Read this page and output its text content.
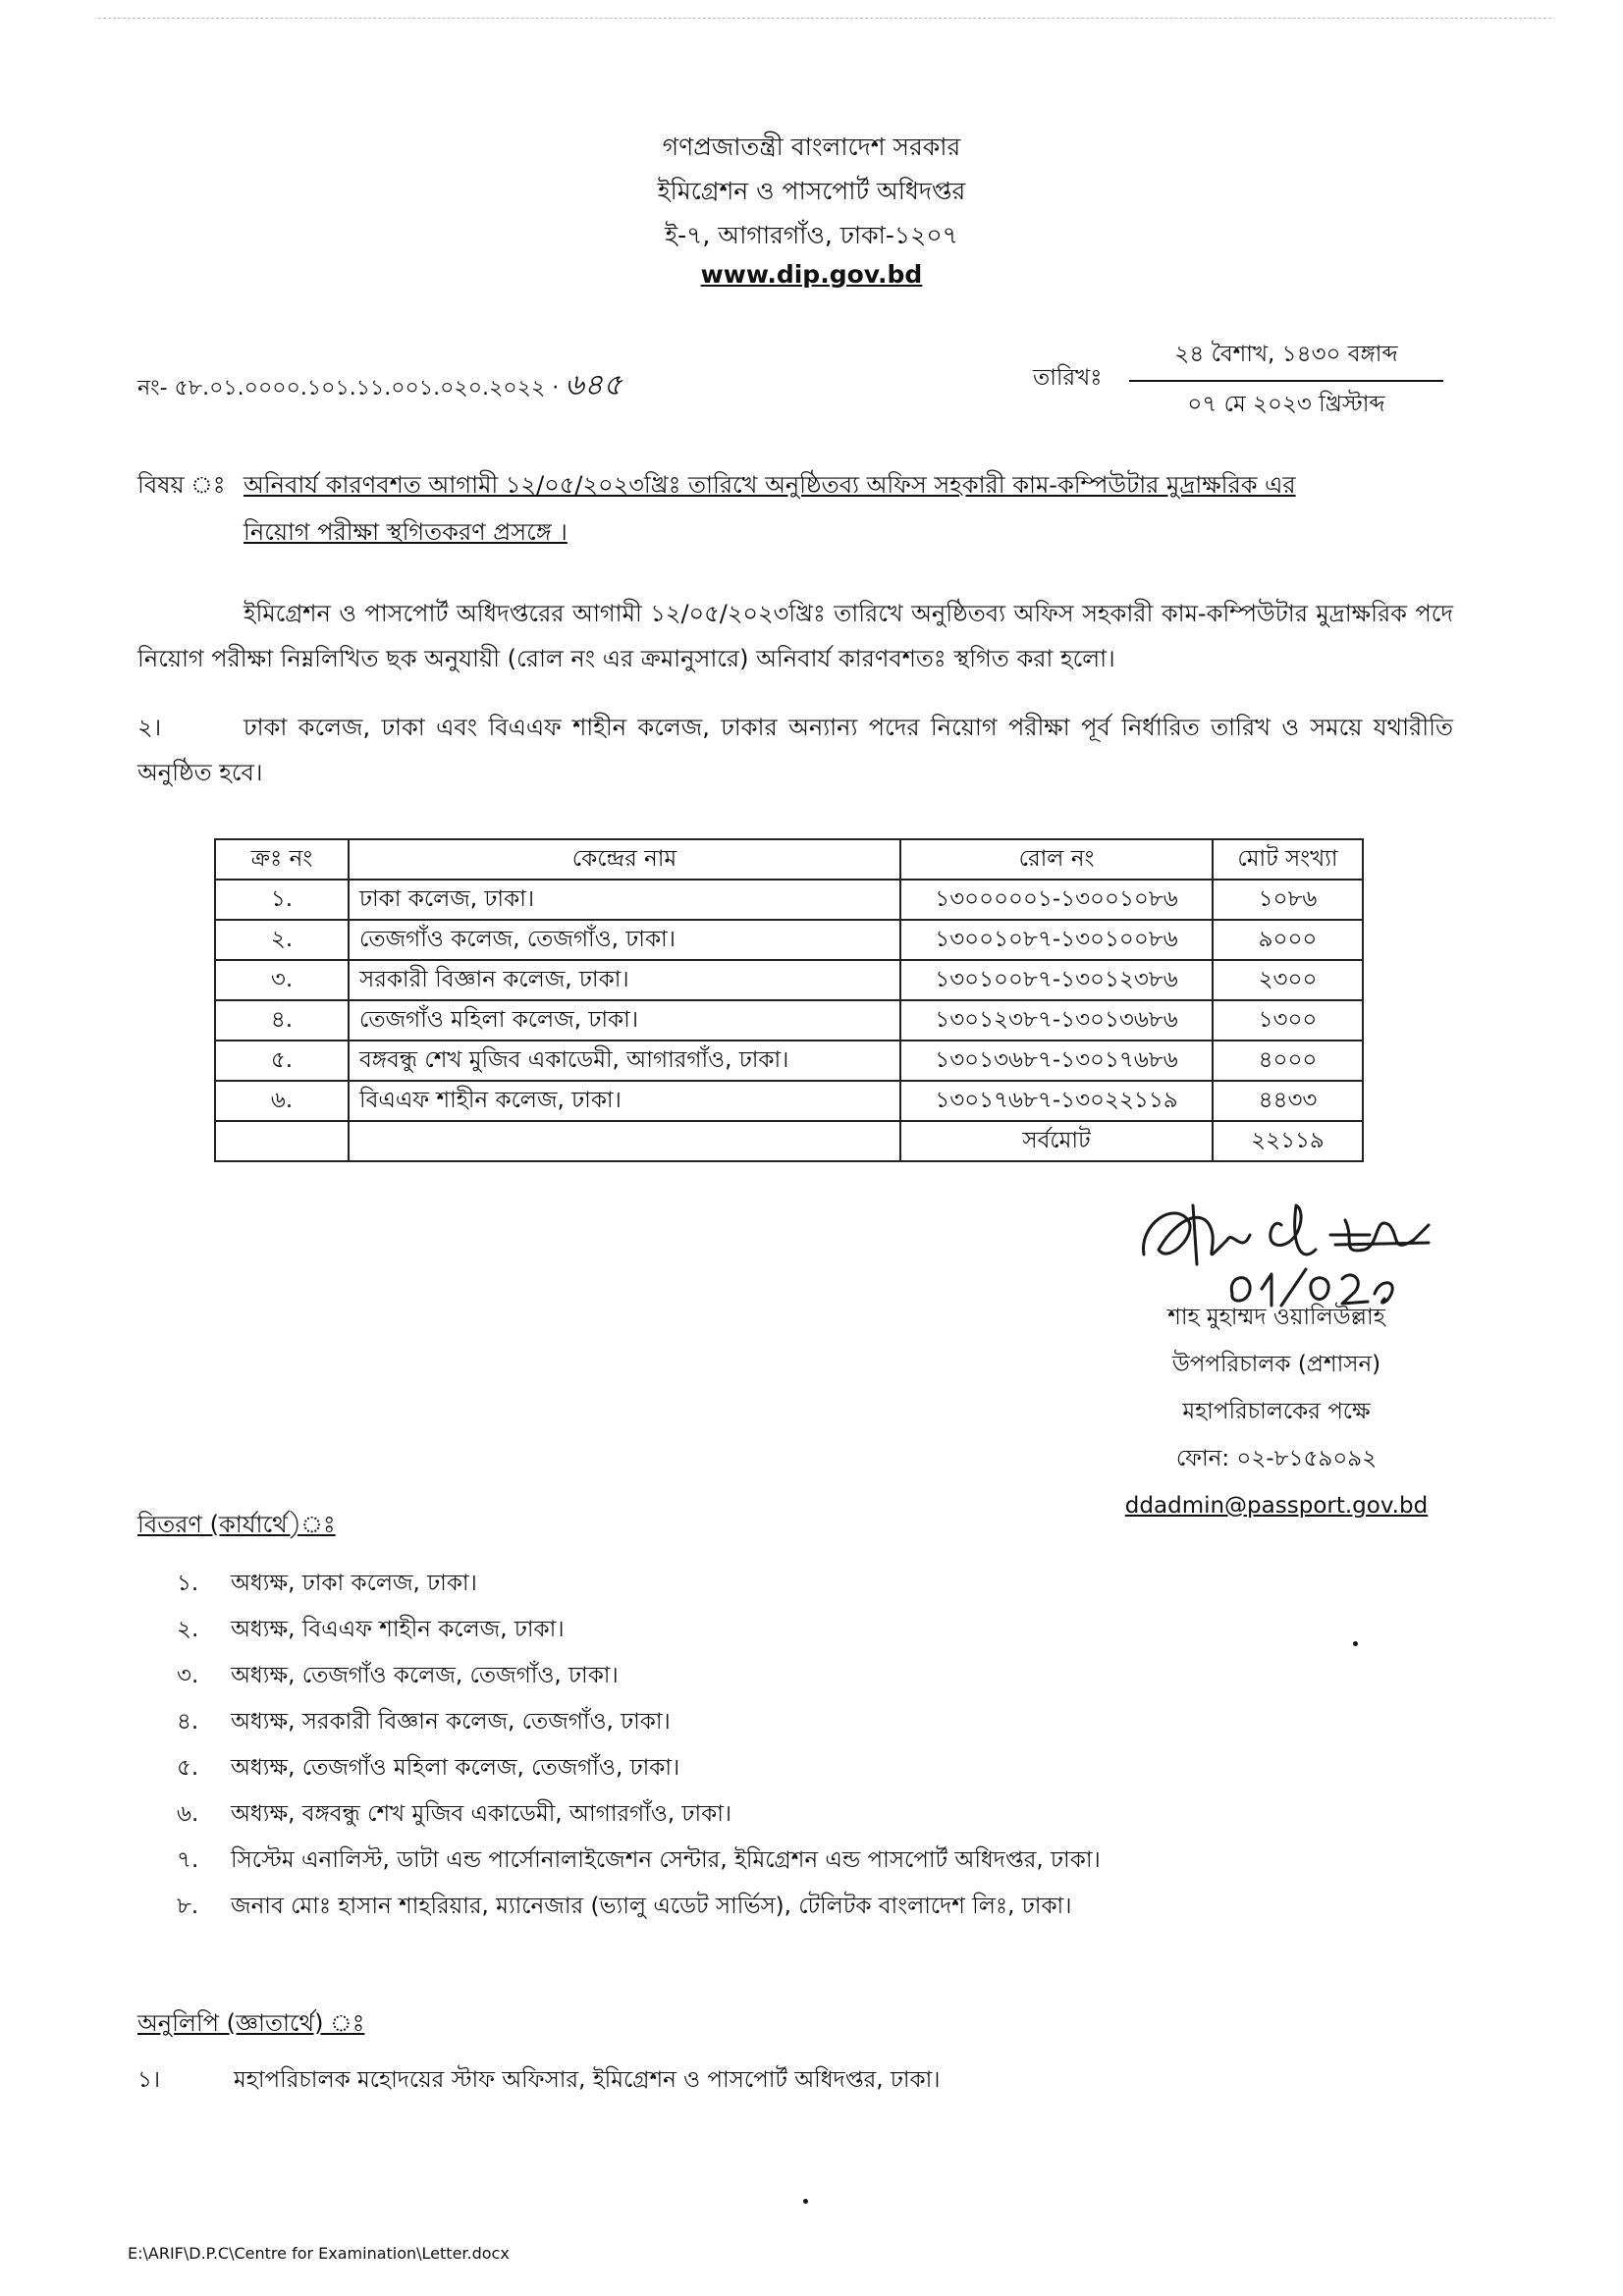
গণপ্রজাতন্ত্রী বাংলাদেশ সরকার
ইমিগ্রেশন ও পাসপোর্ট অধিদপ্তর
ই-৭, আগারগাঁও, ঢাকা-১২০৭
www.dip.gov.bd
নং- ৫৮.০১.০০০০.১০১.১১.০০১.০২০.২০২২ · ৬৪৫	তারিখঃ
২৪ বৈশাখ, ১৪৩০ বঙ্গাব্দ
০৭ মে ২০২৩ খ্রিস্টাব্দ
বিষয় ঃ অনিবার্য কারণবশত আগামী ১২/০৫/২০২৩খ্রিঃ তারিখে অনুষ্ঠিতব্য অফিস সহকারী কাম-কম্পিউটার মুদ্রাক্ষরিক এর
নিয়োগ পরীক্ষা স্থগিতকরণ প্রসঙ্গে ।
ইমিগ্রেশন ও পাসপোর্ট অধিদপ্তরের আগামী ১২/০৫/২০২৩খ্রিঃ তারিখে অনুষ্ঠিতব্য অফিস সহকারী কাম-কম্পিউটার মুদ্রাক্ষরিক পদে নিয়োগ পরীক্ষা নিম্নলিখিত ছক অনুযায়ী (রোল নং এর ক্রমানুসারে) অনিবার্য কারণবশতঃ স্থগিত করা হলো।
২।	ঢাকা কলেজ, ঢাকা এবং বিএএফ শাহীন কলেজ, ঢাকার অন্যান্য পদের নিয়োগ পরীক্ষা পূর্ব নির্ধারিত তারিখ ও সময়ে যথারীতি অনুষ্ঠিত হবে।
ক্রঃ নং	কেন্দ্রের নাম	রোল নং	মোট সংখ্যা
১.	ঢাকা কলেজ, ঢাকা।	১৩০০০০০১-১৩০০১০৮৬	১০৮৬
২.	তেজগাঁও কলেজ, তেজগাঁও, ঢাকা।	১৩০০১০৮৭-১৩০১০০৮৬	৯০০০
৩.	সরকারী বিজ্ঞান কলেজ, ঢাকা।	১৩০১০০৮৭-১৩০১২৩৮৬	২৩০০
৪.	তেজগাঁও মহিলা কলেজ, ঢাকা।	১৩০১২৩৮৭-১৩০১৩৬৮৬	১৩০০
৫.	বঙ্গবন্ধু শেখ মুজিব একাডেমী, আগারগাঁও, ঢাকা।	১৩০১৩৬৮৭-১৩০১৭৬৮৬	৪০০০
৬.	বিএএফ শাহীন কলেজ, ঢাকা।	১৩০১৭৬৮৭-১৩০২২১১৯	৪৪৩৩
		সর্বমোট	২২১১৯
শাহ মুহাম্মদ ওয়ালিউল্লাহ
উপপরিচালক (প্রশাসন)
মহাপরিচালকের পক্ষে
ফোন: ০২-৮১৫৯০৯২
ddadmin@passport.gov.bd
বিতরণ (কার্যার্থে)ঃ
১. অধ্যক্ষ, ঢাকা কলেজ, ঢাকা।
২. অধ্যক্ষ, বিএএফ শাহীন কলেজ, ঢাকা।
৩. অধ্যক্ষ, তেজগাঁও কলেজ, তেজগাঁও, ঢাকা।
৪. অধ্যক্ষ, সরকারী বিজ্ঞান কলেজ, তেজগাঁও, ঢাকা।
৫. অধ্যক্ষ, তেজগাঁও মহিলা কলেজ, তেজগাঁও, ঢাকা।
৬. অধ্যক্ষ, বঙ্গবন্ধু শেখ মুজিব একাডেমী, আগারগাঁও, ঢাকা।
৭. সিস্টেম এনালিস্ট, ডাটা এন্ড পার্সোনালাইজেশন সেন্টার, ইমিগ্রেশন এন্ড পাসপোর্ট অধিদপ্তর, ঢাকা।
৮. জনাব মোঃ হাসান শাহরিয়ার, ম্যানেজার (ভ্যালু এডেট সার্ভিস), টেলিটক বাংলাদেশ লিঃ, ঢাকা।
অনুলিপি (জ্ঞাতার্থে) ঃ
১।	মহাপরিচালক মহোদয়ের স্টাফ অফিসার, ইমিগ্রেশন ও পাসপোর্ট অধিদপ্তর, ঢাকা।
E:\ARIF\D.P.C\Centre for Examination\Letter.docx
